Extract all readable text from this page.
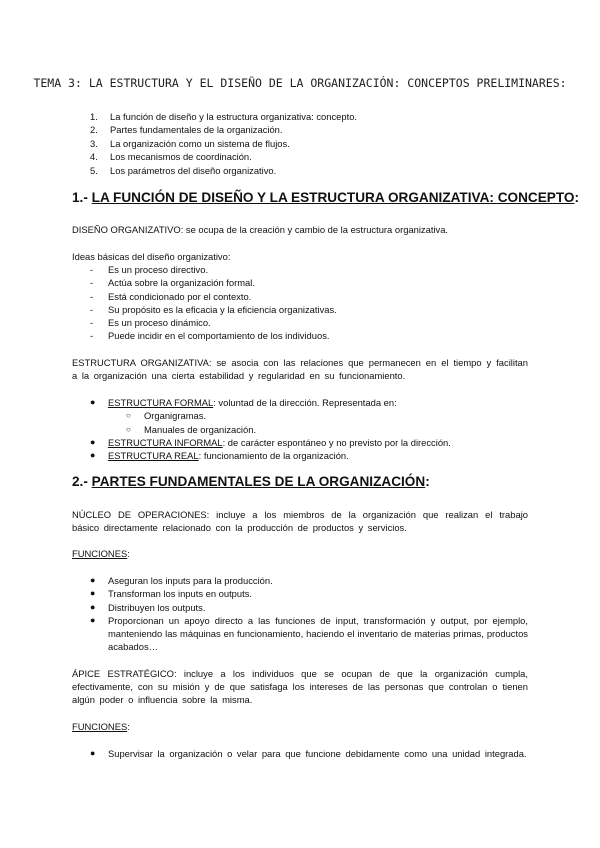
TEMA 3: LA ESTRUCTURA Y EL DISEÑO DE LA ORGANIZACIÓN: CONCEPTOS PRELIMINARES:
1. La función de diseño y la estructura organizativa: concepto.
2. Partes fundamentales de la organización.
3. La organización como un sistema de flujos.
4. Los mecanismos de coordinación.
5. Los parámetros del diseño organizativo.
1.- LA FUNCIÓN DE DISEÑO Y LA ESTRUCTURA ORGANIZATIVA: CONCEPTO:
DISEÑO ORGANIZATIVO: se ocupa de la creación y cambio de la estructura organizativa.
Ideas básicas del diseño organizativo:
- Es un proceso directivo.
- Actúa sobre la organización formal.
- Está condicionado por el contexto.
- Su propósito es la eficacia y la eficiencia organizativas.
- Es un proceso dinámico.
- Puede incidir en el comportamiento de los individuos.
ESTRUCTURA ORGANIZATIVA: se asocia con las relaciones que permanecen en el tiempo y facilitan a la organización una cierta estabilidad y regularidad en su funcionamiento.
● ESTRUCTURA FORMAL: voluntad de la dirección. Representada en:
○ Organigramas.
○ Manuales de organización.
● ESTRUCTURA INFORMAL: de carácter espontáneo y no previsto por la dirección.
● ESTRUCTURA REAL: funcionamiento de la organización.
2.- PARTES FUNDAMENTALES DE LA ORGANIZACIÓN:
NÚCLEO DE OPERACIONES: incluye a los miembros de la organización que realizan el trabajo básico directamente relacionado con la producción de productos y servicios.
FUNCIONES:
● Aseguran los inputs para la producción.
● Transforman los inputs en outputs.
● Distribuyen los outputs.
● Proporcionan un apoyo directo a las funciones de input, transformación y output, por ejemplo, manteniendo las máquinas en funcionamiento, haciendo el inventario de materias primas, productos acabados…
ÁPICE ESTRATÉGICO: incluye a los individuos que se ocupan de que la organización cumpla, efectivamente, con su misión y de que satisfaga los intereses de las personas que controlan o tienen algún poder o influencia sobre la misma.
FUNCIONES:
● Supervisar la organización o velar para que funcione debidamente como una unidad integrada.
